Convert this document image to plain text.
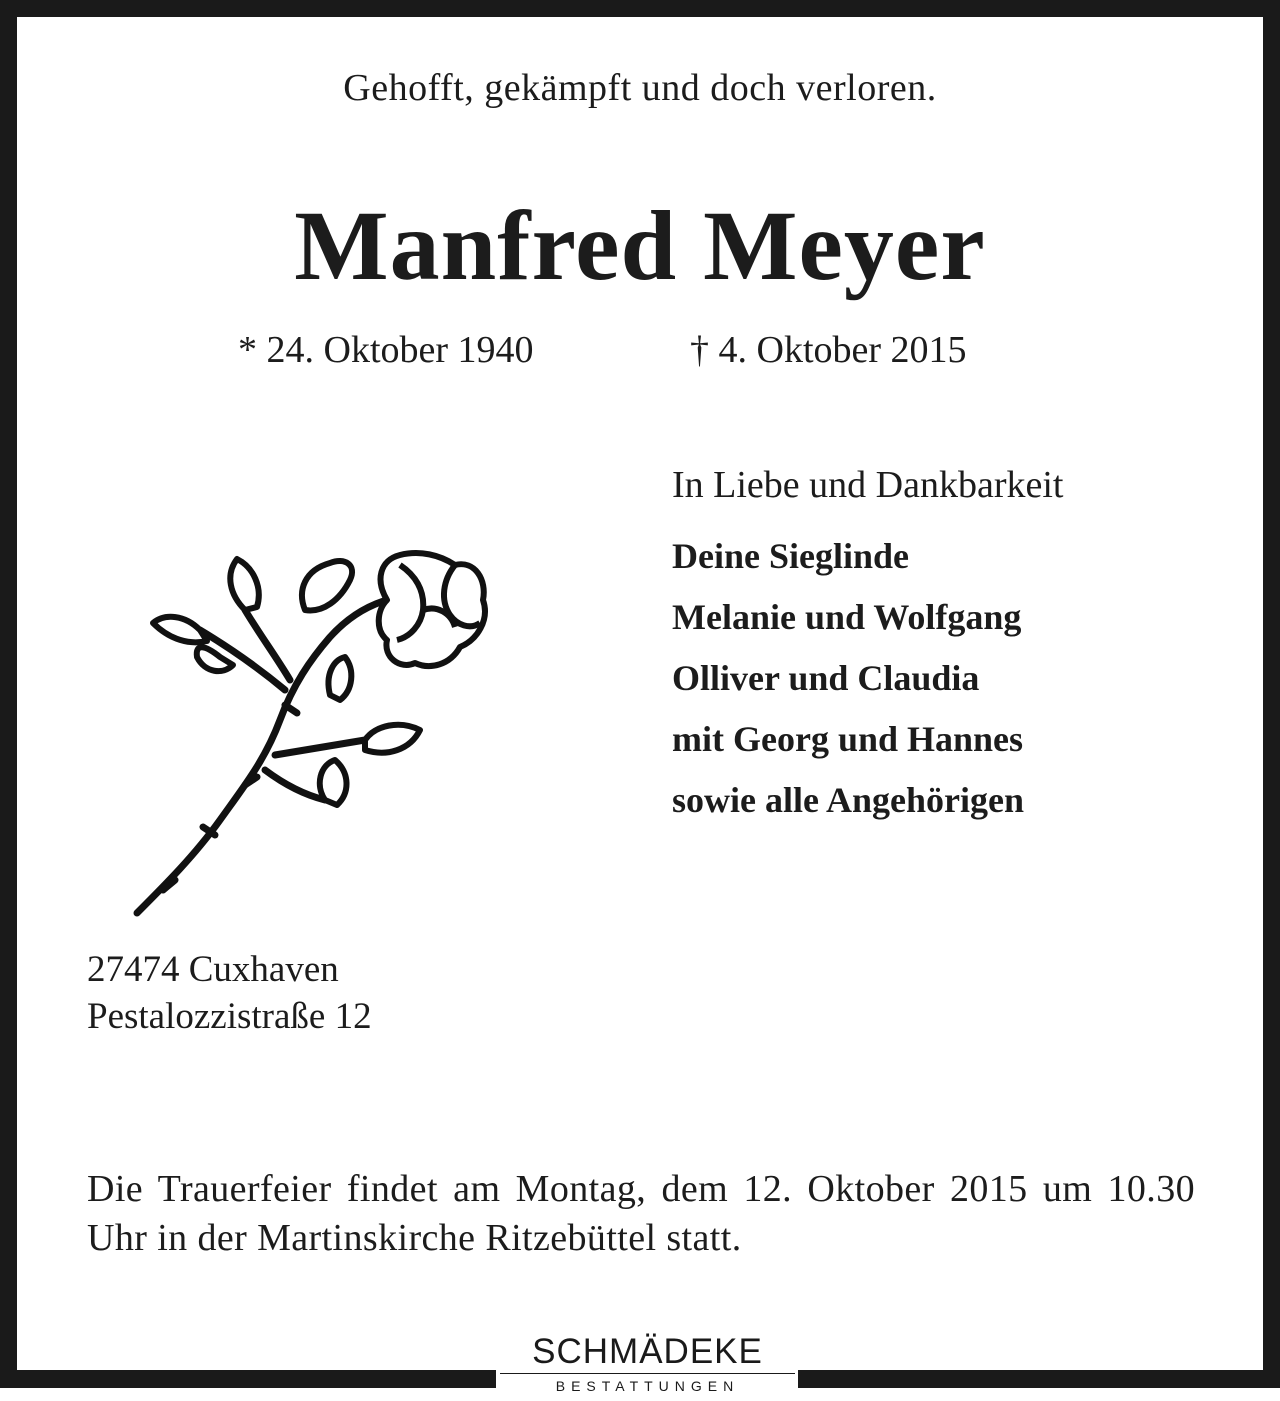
Gehofft, gekämpft und doch verloren.
Manfred Meyer
* 24. Oktober 1940	† 4. Oktober 2015
In Liebe und Dankbarkeit
Deine Sieglinde
Melanie und Wolfgang
Olliver und Claudia
mit Georg und Hannes
sowie alle Angehörigen
27474 Cuxhaven
Pestalozzistraße 12
Die Trauerfeier findet am Montag, dem 12. Oktober 2015 um 10.30 Uhr in der Martinskirche Ritzebüttel statt.
SCHMÄDEKE
BESTATTUNGEN
